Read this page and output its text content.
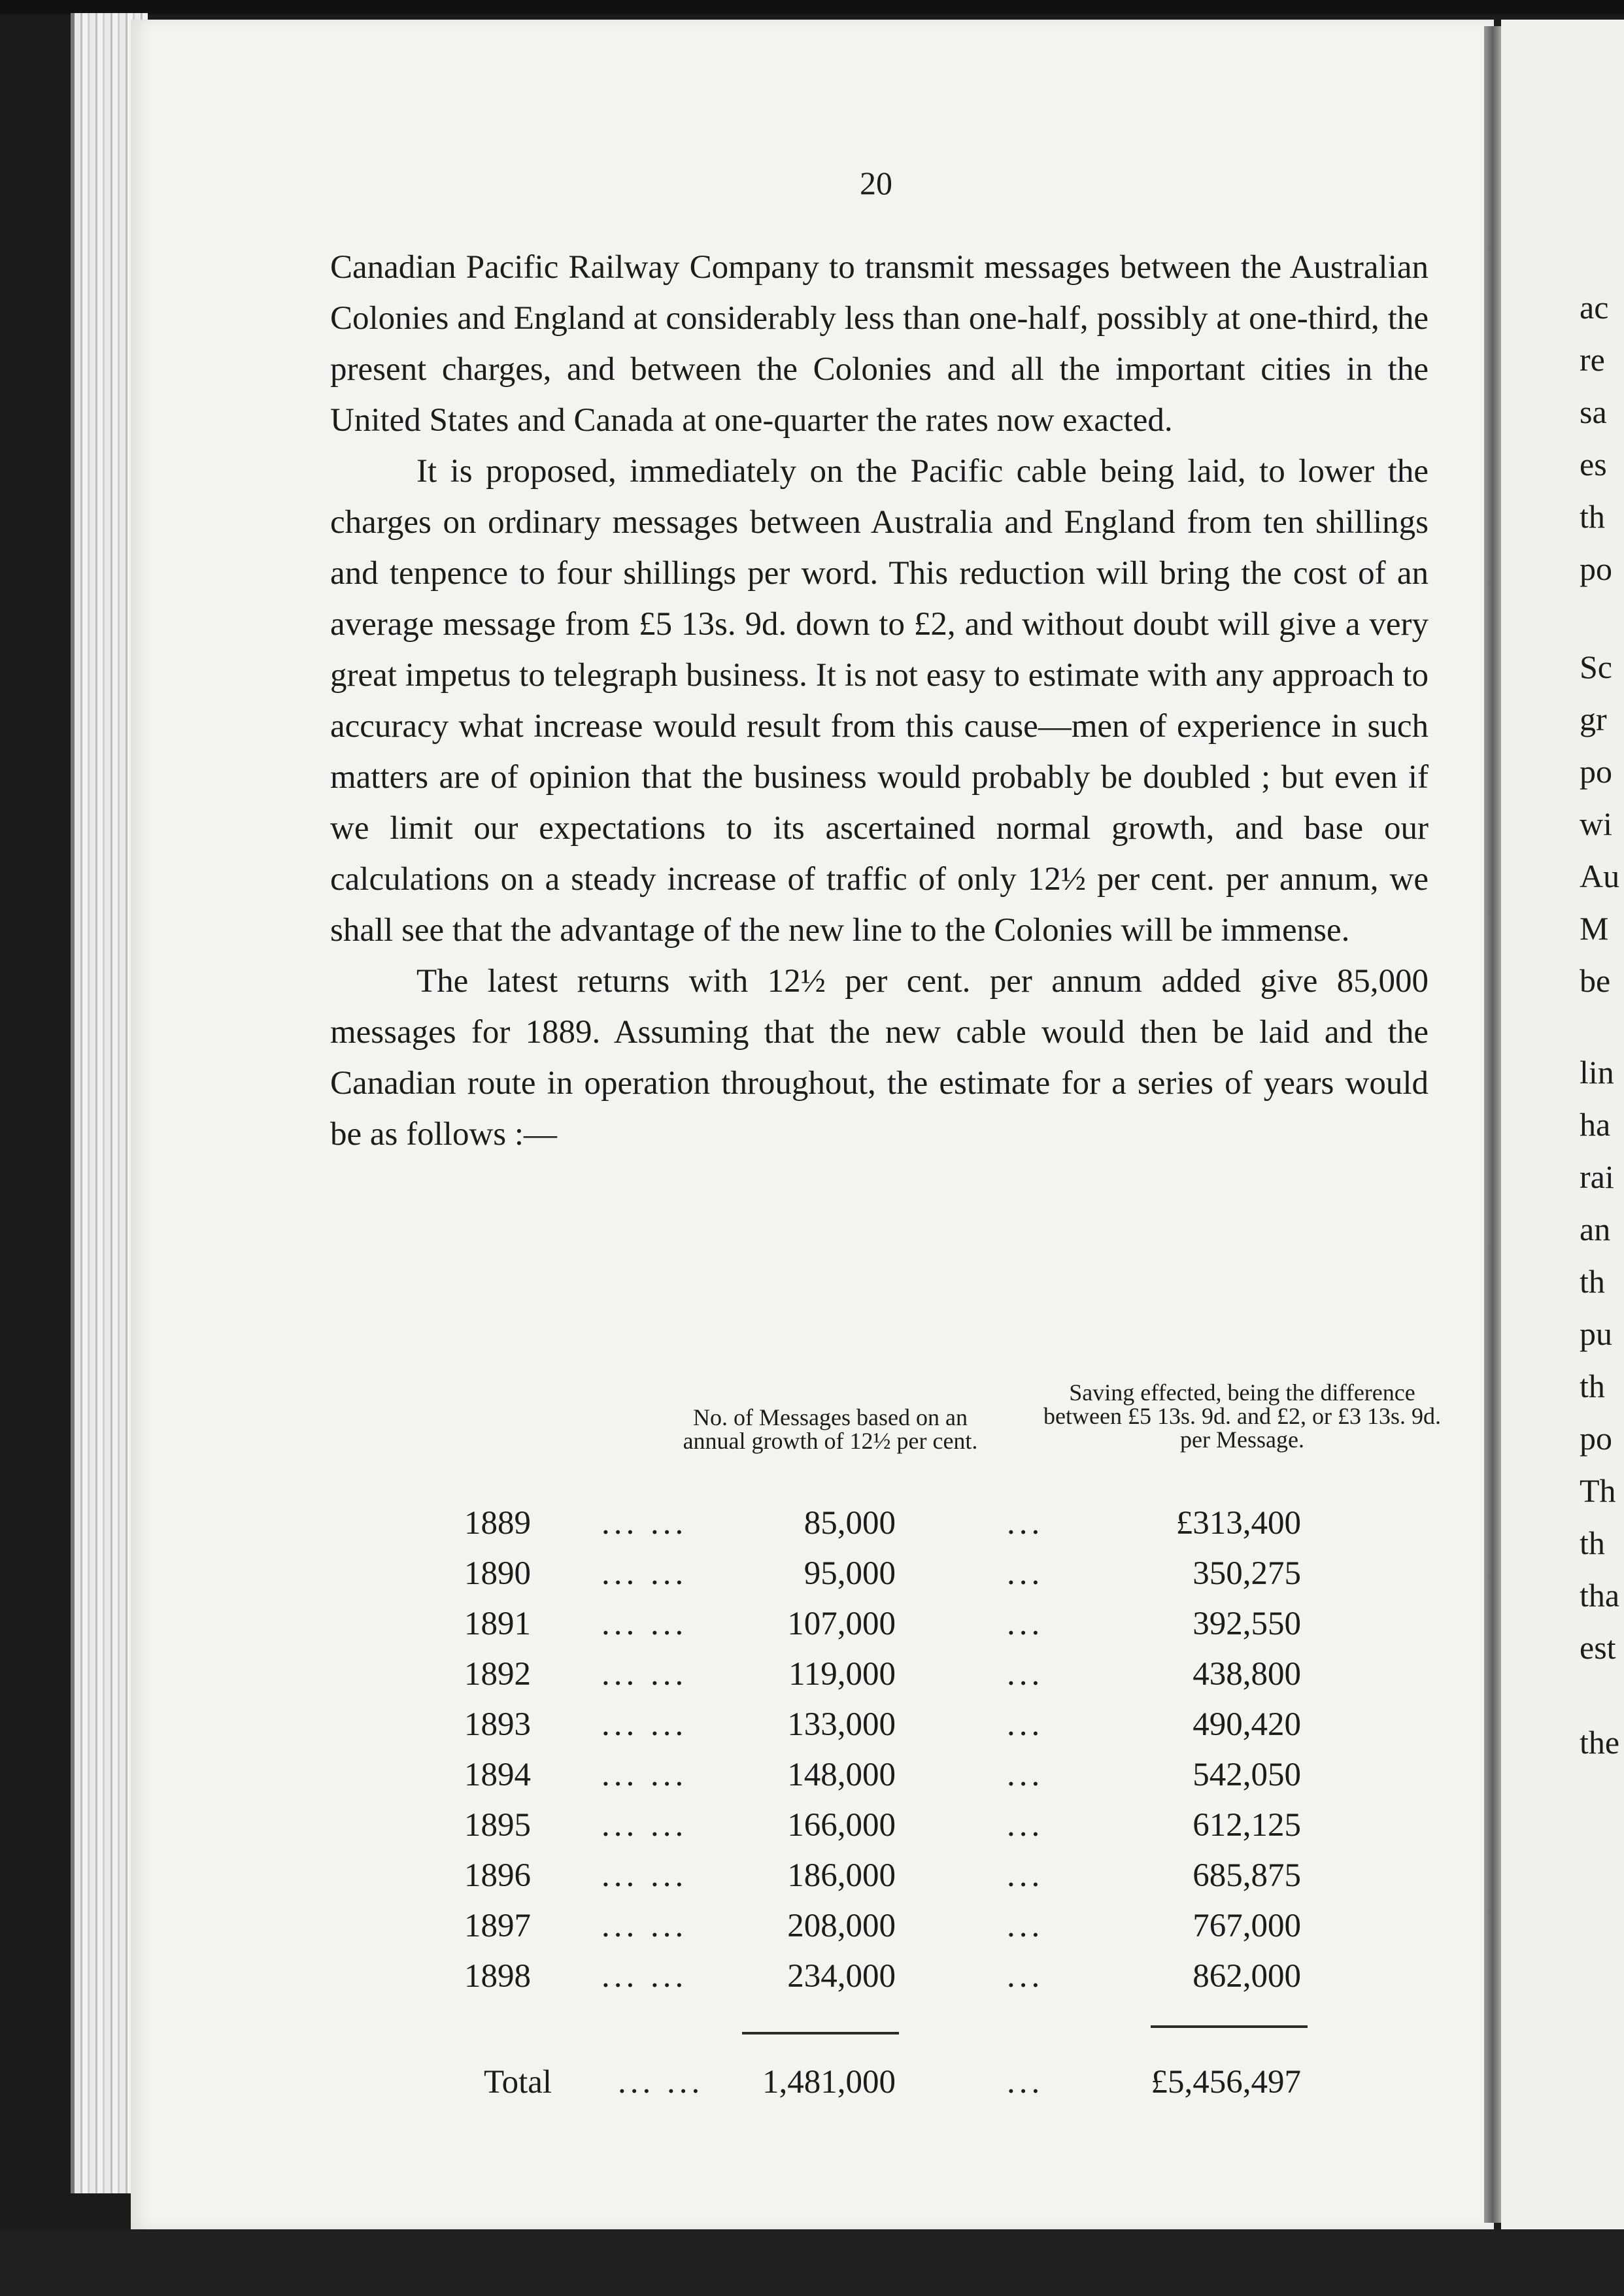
20

Canadian Pacific Railway Company to transmit messages between the Australian Colonies and England at considerably less than one-half, possibly at one-third, the present charges, and between the Colonies and all the important cities in the United States and Canada at one-quarter the rates now exacted.

It is proposed, immediately on the Pacific cable being laid, to lower the charges on ordinary messages between Australia and England from ten shillings and tenpence to four shillings per word. This reduction will bring the cost of an average message from £5 13s. 9d. down to £2, and without doubt will give a very great impetus to telegraph business. It is not easy to estimate with any approach to accuracy what increase would result from this cause—men of experience in such matters are of opinion that the business would probably be doubled ; but even if we limit our expectations to its ascertained normal growth, and base our calculations on a steady increase of traffic of only 12½ per cent. per annum, we shall see that the advantage of the new line to the Colonies will be immense.

The latest returns with 12½ per cent. per annum added give 85,000 messages for 1889. Assuming that the new cable would then be laid and the Canadian route in operation throughout, the estimate for a series of years would be as follows :—

No. of Messages based on an annual growth of 12½ per cent.
Saving effected, being the difference between £5 13s. 9d. and £2, or £3 13s. 9d. per Message.
1889	... ...	85,000	...	£313,400
1890	... ...	95,000	...	350,275
1891	... ...	107,000	...	392,550
1892	... ...	119,000	...	438,800
1893	... ...	133,000	...	490,420
1894	... ...	148,000	...	542,050
1895	... ...	166,000	...	612,125
1896	... ...	186,000	...	685,875
1897	... ...	208,000	...	767,000
1898	... ...	234,000	...	862,000
Total	... ...	1,481,000	...	£5,456,497
ac
re
sa
es
th
po
Sc
gr
po
wi
Au
M
be
lin
ha
rai
an
th
pu
th
po
Th
th
tha
est
the
